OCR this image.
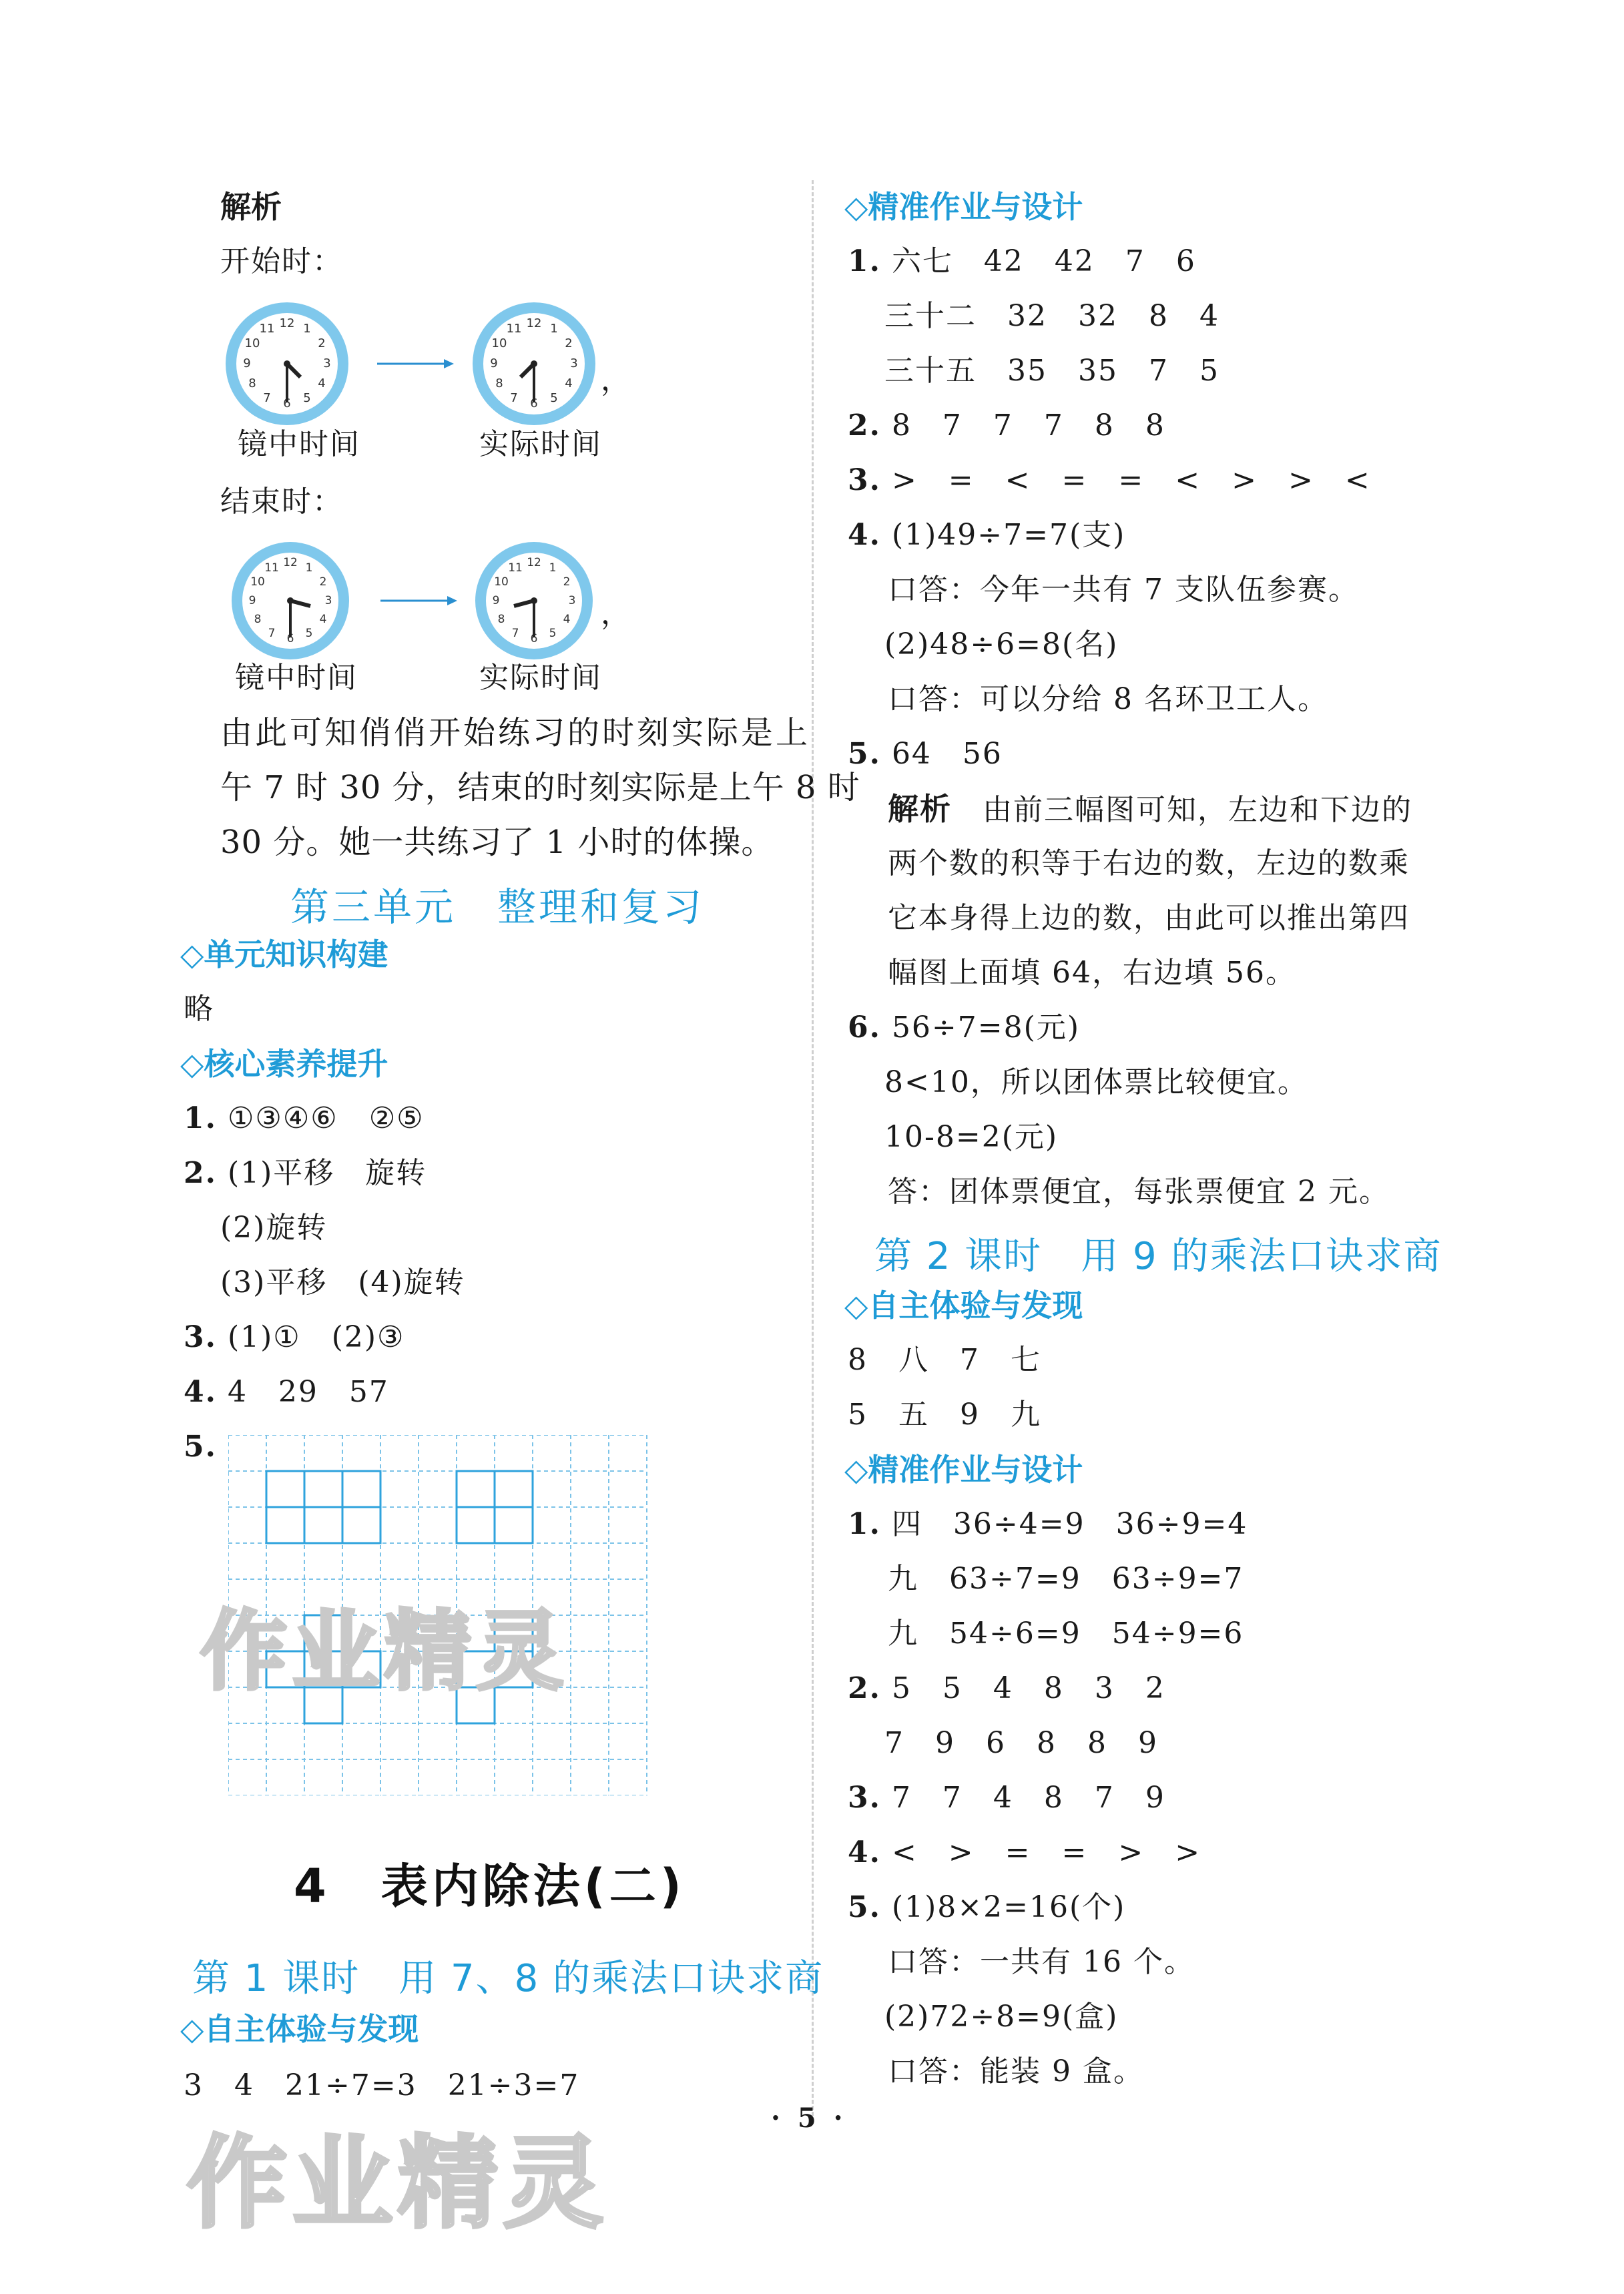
解析
开始时：
12 1
2
3
4
5
6
7
8
9
10
11	12 1
2
3
4
5
6
7
8
9
10
11
，
镜中时间	实际时间
结束时：
12 1
2
3
4
5
6
7
8
9
10
11	12 1
2
3
4
5
6
7
8
9
10
11
，
镜中时间	实际时间
由此可知俏俏开始练习的时刻实际是上
午 7 时 30 分，结束的时刻实际是上午 8 时
30 分。她一共练习了 1 小时的体操。
第三单元　整理和复习
◇单元知识构建
略
◇核心素养提升
1. ①③④⑥　②⑤
2. (1)平移　旋转
(2)旋转
(3)平移　(4)旋转
3. (1)①　(2)③
4. 4　29　57
5.
4　表内除法(二)
第 1 课时　用 7、8 的乘法口诀求商
◇自主体验与发现
3　4　21÷7=3　21÷3=7
◇精准作业与设计
1. 六七　42　42　7　6
三十二　32　32　8　4
三十五　35　35　7　5
2. 8　7　7　7　8　8
3. >　=　<　=　=　<　>　>　<
4. (1)49÷7=7(支)
口答：今年一共有 7 支队伍参赛。
(2)48÷6=8(名)
口答：可以分给 8 名环卫工人。
5. 64　56
解析　 由前三幅图可知，左边和下边的
两个数的积等于右边的数，左边的数乘
它本身得上边的数，由此可以推出第四
幅图上面填 64，右边填 56。
6. 56÷7=8(元)
8<10，所以团体票比较便宜。
10-8=2(元)
答：团体票便宜，每张票便宜 2 元。
第 2 课时　用 9 的乘法口诀求商
◇自主体验与发现
8　八　7　七
5　五　9　九
◇精准作业与设计
1. 四　36÷4=9　36÷9=4
九　63÷7=9　63÷9=7
九　54÷6=9　54÷9=6
2. 5　5　4　8　3　2
7　9　6　8　8　9
3. 7　7　4　8　7　9
4. <　>　=　=　>　>
5. (1)8×2=16(个)
口答：一共有 16 个。
(2)72÷8=9(盒)
口答：能装 9 盒。
· 5 ·
作业精灵
作业精灵
